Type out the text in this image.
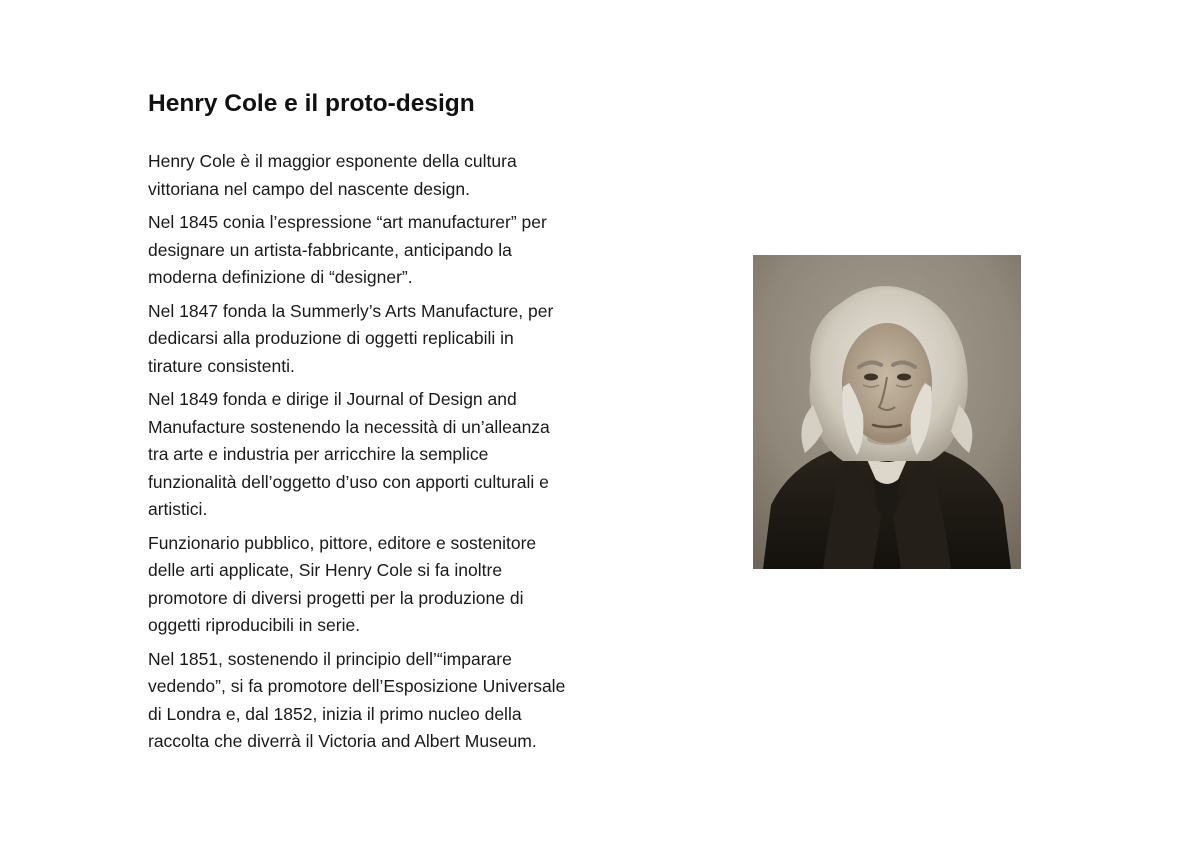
Henry Cole e il proto-design

Henry Cole è il maggior esponente della cultura
vittoriana nel campo del nascente design.

Nel 1845 conia l’espressione “art manufacturer” per
designare un artista-fabbricante, anticipando la
moderna definizione di “designer”.

Nel 1847 fonda la Summerly’s Arts Manufacture, per
dedicarsi alla produzione di oggetti replicabili in
tirature consistenti.

Nel 1849 fonda e dirige il Journal of Design and
Manufacture sostenendo la necessità di un’alleanza
tra arte e industria per arricchire la semplice
funzionalità dell’oggetto d’uso con apporti culturali e
artistici.

Funzionario pubblico, pittore, editore e sostenitore
delle arti applicate, Sir Henry Cole si fa inoltre
promotore di diversi progetti per la produzione di
oggetti riproducibili in serie.

Nel 1851, sostenendo il principio dell’“imparare
vedendo”, si fa promotore dell’Esposizione Universale
di Londra e, dal 1852, inizia il primo nucleo della
raccolta che diverrà il Victoria and Albert Museum.
